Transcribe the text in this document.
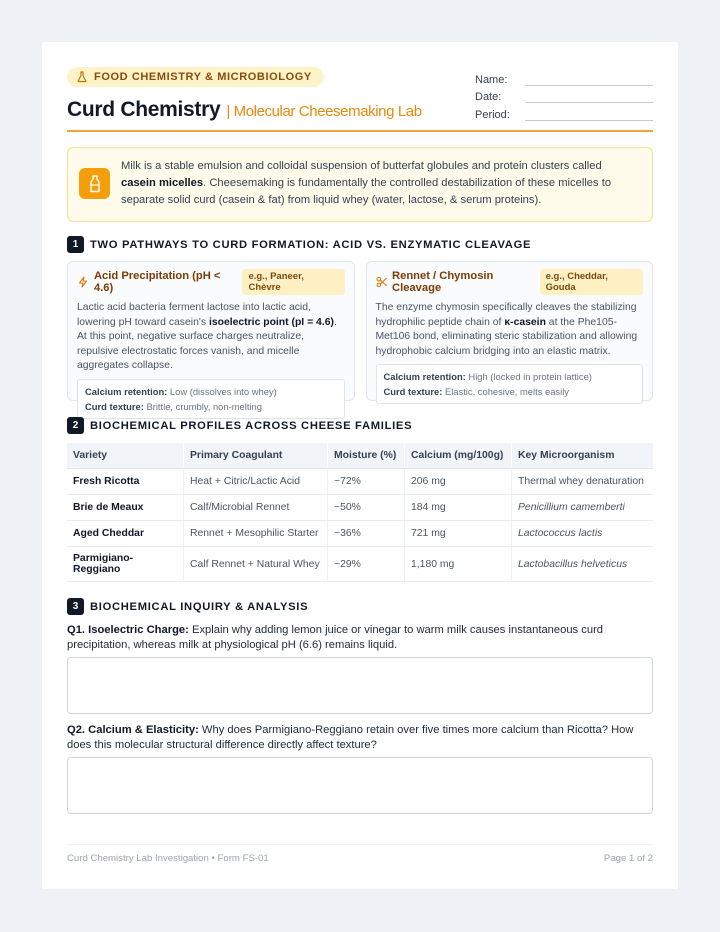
FOOD CHEMISTRY & MICROBIOLOGY
Curd Chemistry | Molecular Cheesemaking Lab
Name:
Date:
Period:
Milk is a stable emulsion and colloidal suspension of butterfat globules and protein clusters called casein micelles. Cheesemaking is fundamentally the controlled destabilization of these micelles to separate solid curd (casein & fat) from liquid whey (water, lactose, & serum proteins).
1	TWO PATHWAYS TO CURD FORMATION: ACID VS. ENZYMATIC CLEAVAGE
Acid Precipitation (pH < 4.6)
e.g., Paneer, Chèvre
Lactic acid bacteria ferment lactose into lactic acid, lowering pH toward casein's isoelectric point (pI = 4.6). At this point, negative surface charges neutralize, repulsive electrostatic forces vanish, and micelle aggregates collapse.
Calcium retention: Low (dissolves into whey)
Curd texture: Brittle, crumbly, non-melting
Rennet / Chymosin Cleavage
e.g., Cheddar, Gouda
The enzyme chymosin specifically cleaves the stabilizing hydrophilic peptide chain of κ-casein at the Phe105-Met106 bond, eliminating steric stabilization and allowing hydrophobic calcium bridging into an elastic matrix.
Calcium retention: High (locked in protein lattice)
Curd texture: Elastic, cohesive, melts easily
2	BIOCHEMICAL PROFILES ACROSS CHEESE FAMILIES
Variety	Primary Coagulant	Moisture (%)	Calcium (mg/100g)	Key Microorganism
Fresh Ricotta	Heat + Citric/Lactic Acid	~72%	206 mg	Thermal whey denaturation
Brie de Meaux	Calf/Microbial Rennet	~50%	184 mg	Penicillium camemberti
Aged Cheddar	Rennet + Mesophilic Starter	~36%	721 mg	Lactococcus lactis
Parmigiano-Reggiano	Calf Rennet + Natural Whey	~29%	1,180 mg	Lactobacillus helveticus
3	BIOCHEMICAL INQUIRY & ANALYSIS
Q1. Isoelectric Charge: Explain why adding lemon juice or vinegar to warm milk causes instantaneous curd precipitation, whereas milk at physiological pH (6.6) remains liquid.
Q2. Calcium & Elasticity: Why does Parmigiano-Reggiano retain over five times more calcium than Ricotta? How does this molecular structural difference directly affect texture?
Curd Chemistry Lab Investigation • Form FS-01	Page 1 of 2
